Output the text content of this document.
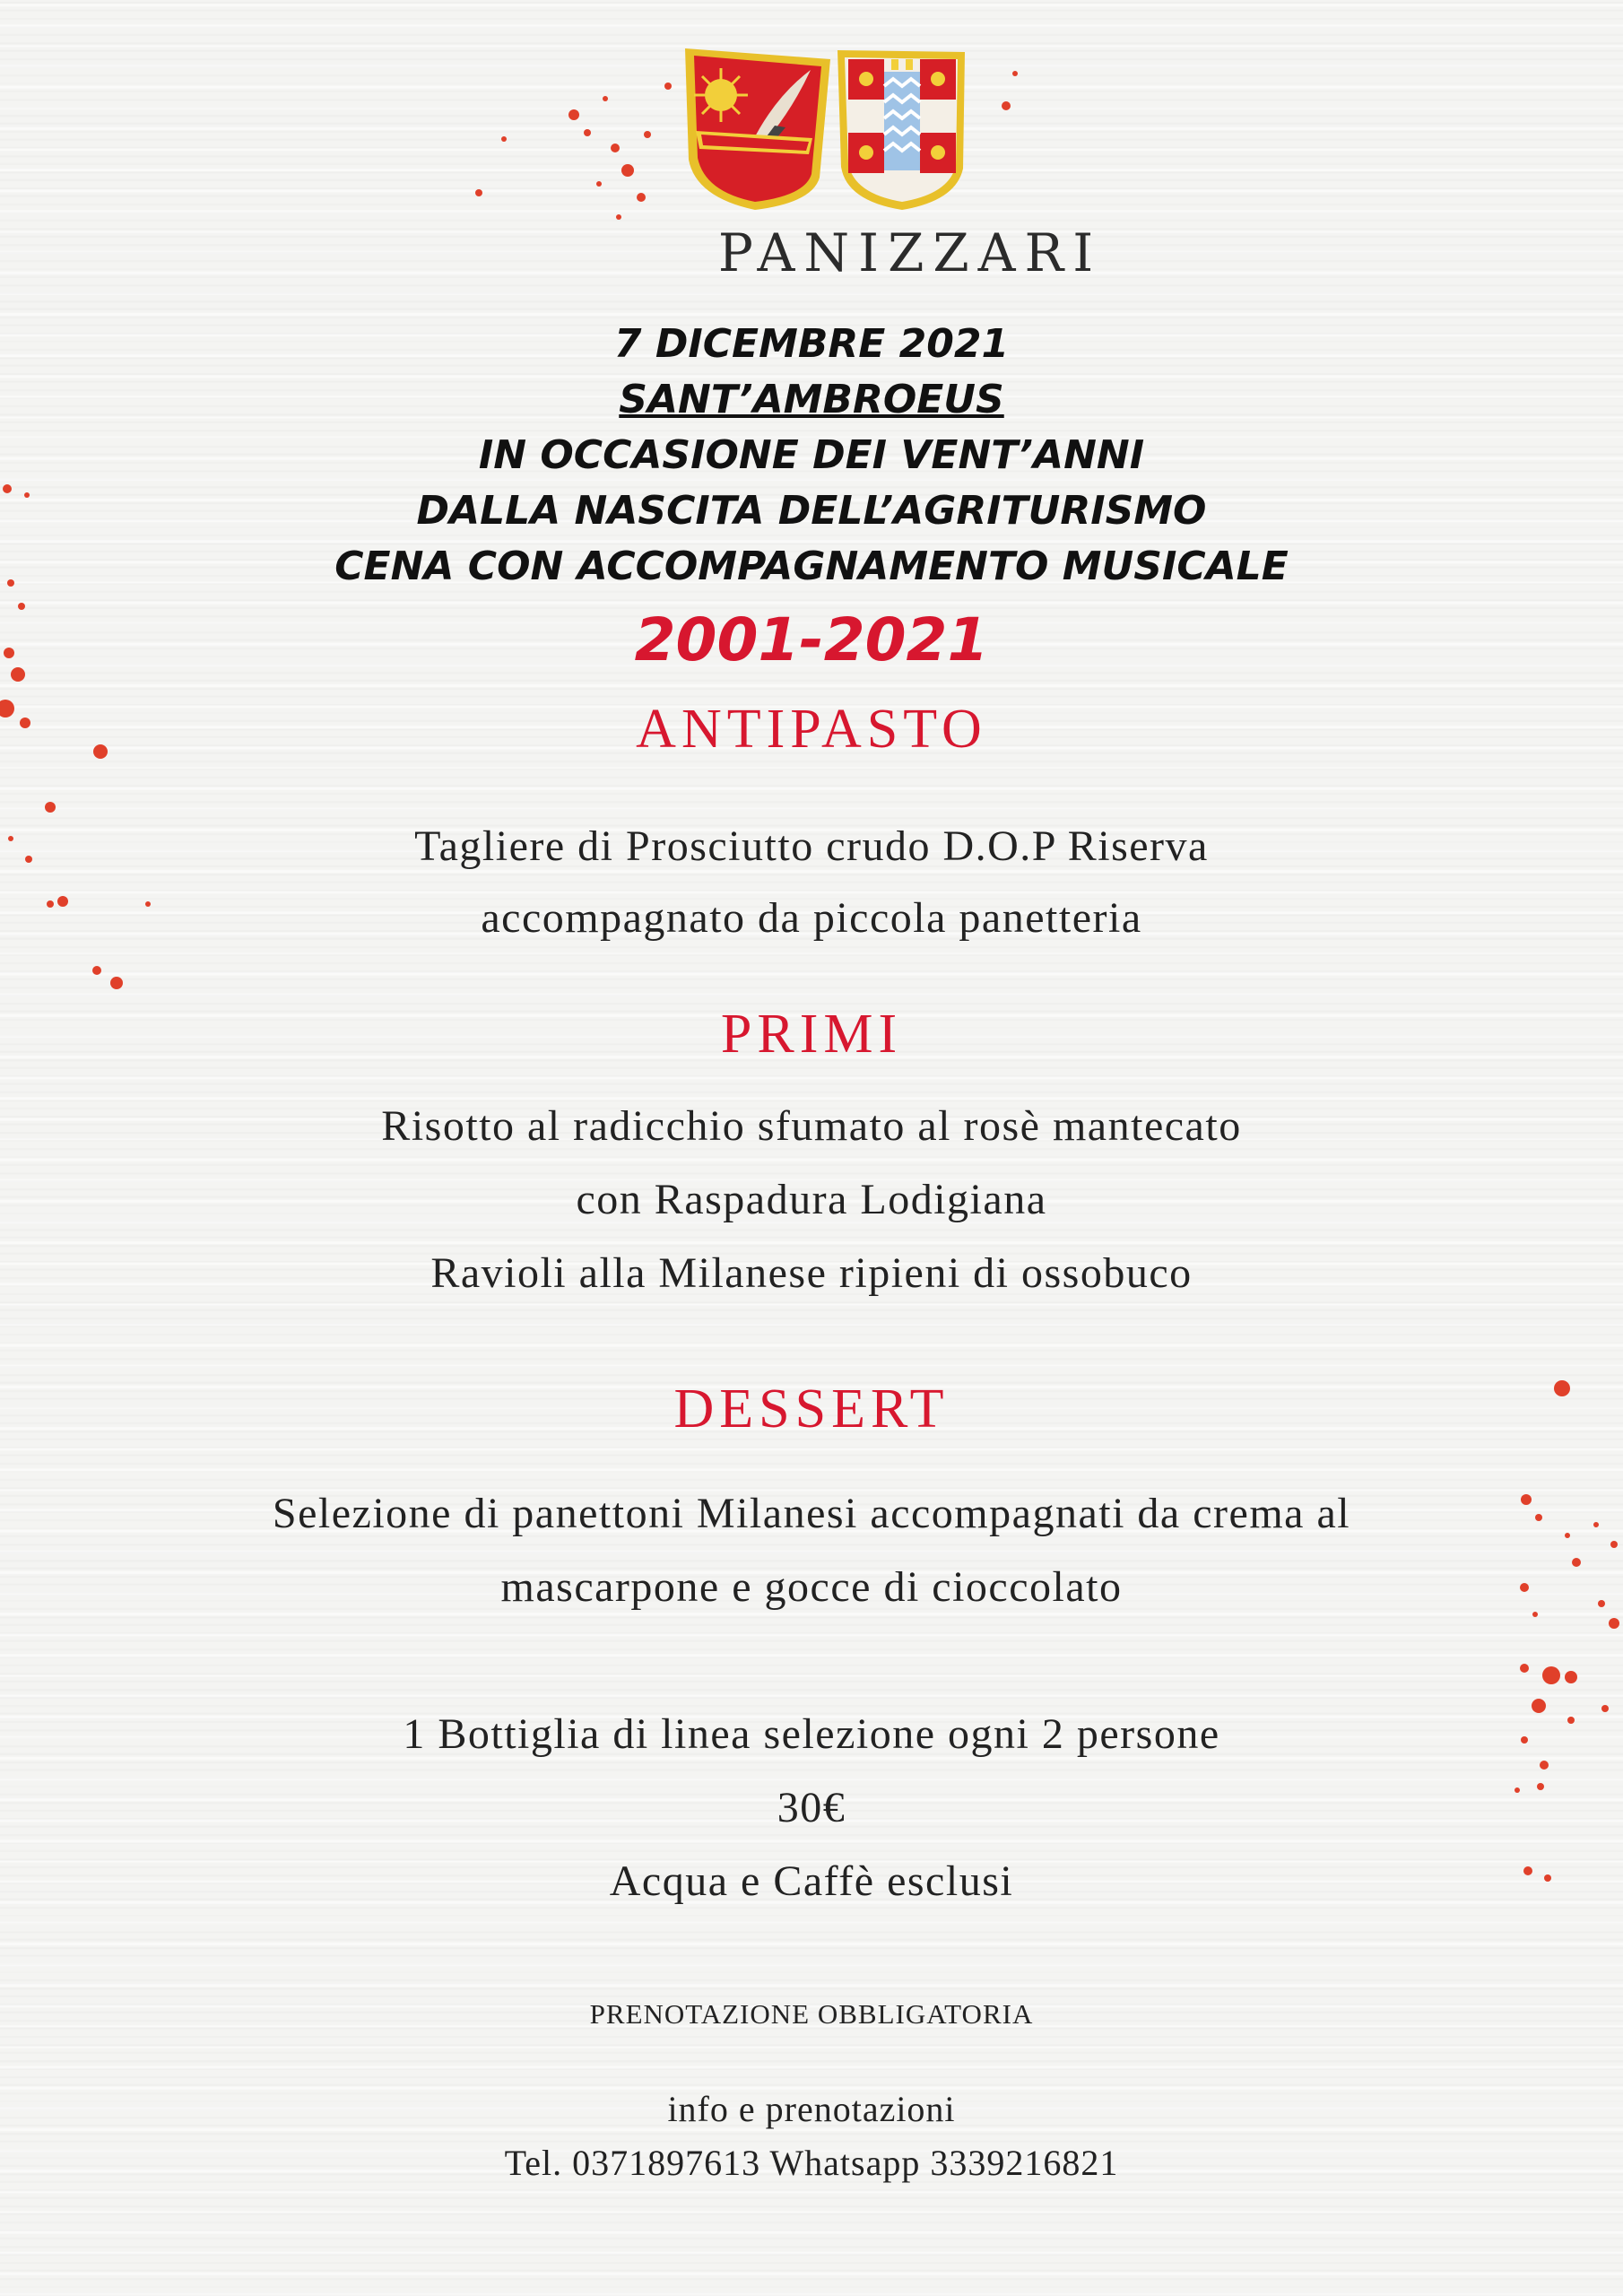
PANIZZARI
7 DICEMBRE 2021
SANT’AMBROEUS
IN OCCASIONE DEI VENT’ANNI
DALLA NASCITA DELL’AGRITURISMO
CENA CON ACCOMPAGNAMENTO MUSICALE
2001-2021
ANTIPASTO
Tagliere di Prosciutto crudo D.O.P Riserva
accompagnato da piccola panetteria
PRIMI
Risotto al radicchio sfumato al rosè mantecato
con Raspadura Lodigiana
Ravioli alla Milanese ripieni di ossobuco
DESSERT
Selezione di panettoni Milanesi accompagnati da crema al
mascarpone e gocce di cioccolato
1 Bottiglia di linea selezione ogni 2 persone
30€
Acqua e Caffè esclusi
PRENOTAZIONE OBBLIGATORIA
info e prenotazioni
Tel. 0371897613 Whatsapp 3339216821
